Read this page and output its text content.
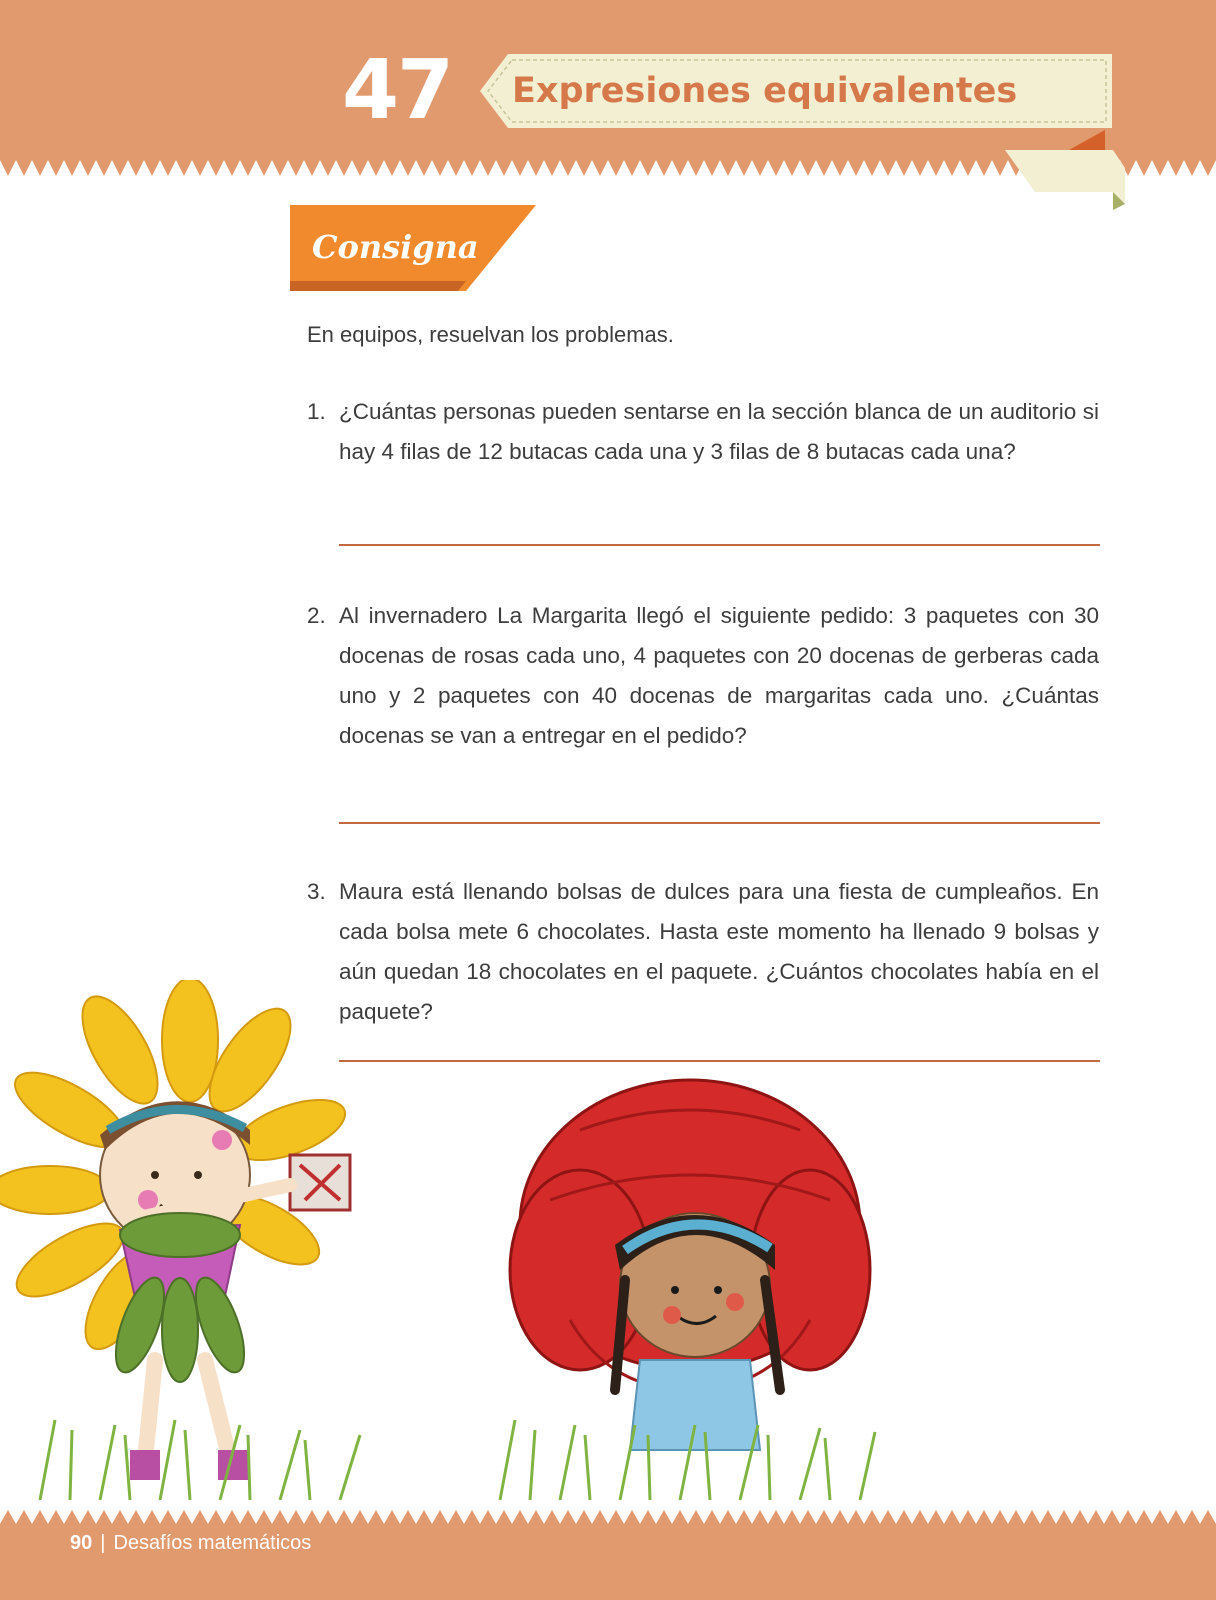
47 Expresiones equivalentes
Consigna
En equipos, resuelvan los problemas.
1. ¿Cuántas personas pueden sentarse en la sección blanca de un auditorio si hay 4 filas de 12 butacas cada una y 3 filas de 8 butacas cada una?
2. Al invernadero La Margarita llegó el siguiente pedido: 3 paquetes con 30 docenas de rosas cada uno, 4 paquetes con 20 docenas de gerberas cada uno y 2 paquetes con 40 docenas de margaritas cada uno. ¿Cuántas docenas se van a entregar en el pedido?
3. Maura está llenando bolsas de dulces para una fiesta de cumpleaños. En cada bolsa mete 6 chocolates. Hasta este momento ha llenado 9 bolsas y aún quedan 18 chocolates en el paquete. ¿Cuántos chocolates había en el paquete?
90 | Desafíos matemáticos
